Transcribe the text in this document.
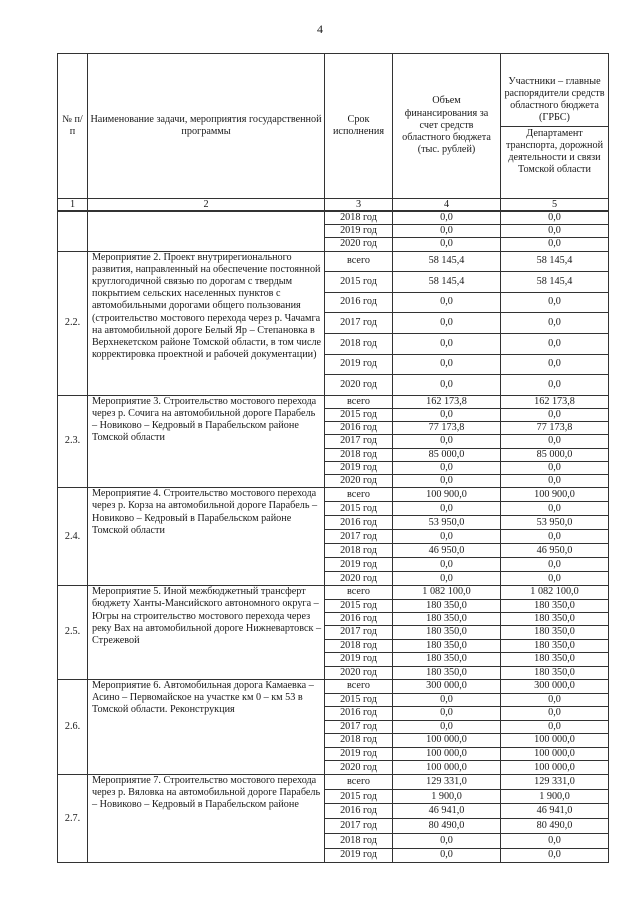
4
№ п/п	Наименование задачи, мероприятия государственной программы	Срок исполнения	Объем финансирования за счет средств областного бюджета (тыс. рублей)	Участники – главные распорядители средств областного бюджета (ГРБС)
Департамент транспорта, дорожной деятельности и связи Томской области

1	2	3	4	5
		2018 год	0,0	0,0
		2019 год	0,0	0,0
		2020 год	0,0	0,0
2.2.	Мероприятие 2. Проект внутрирегионального развития, направленный на обеспечение постоянной круглогодичной связью по дорогам с твердым покрытием сельских населенных пунктов с автомобильными дорогами общего пользования (строительство мостового перехода через р. Чачамга на автомобильной дороге Белый Яр – Степановка в Верхнекетском районе Томской области, в том числе корректировка проектной и рабочей документации)	всего	58 145,4	58 145,4
		2015 год	58 145,4	58 145,4
		2016 год	0,0	0,0
		2017 год	0,0	0,0
		2018 год	0,0	0,0
		2019 год	0,0	0,0
		2020 год	0,0	0,0
2.3.	Мероприятие 3. Строительство мостового перехода через р. Сочига на автомобильной дороге Парабель – Новиково – Кедровый в Парабельском районе Томской области	всего	162 173,8	162 173,8
		2015 год	0,0	0,0
		2016 год	77 173,8	77 173,8
		2017 год	0,0	0,0
		2018 год	85 000,0	85 000,0
		2019 год	0,0	0,0
		2020 год	0,0	0,0
2.4.	Мероприятие 4. Строительство мостового перехода через р. Корза на автомобильной дороге Парабель – Новиково – Кедровый в Парабельском районе Томской области	всего	100 900,0	100 900,0
		2015 год	0,0	0,0
		2016 год	53 950,0	53 950,0
		2017 год	0,0	0,0
		2018 год	46 950,0	46 950,0
		2019 год	0,0	0,0
		2020 год	0,0	0,0
2.5.	Мероприятие 5. Иной межбюджетный трансферт бюджету Ханты-Мансийского автономного округа – Югры на строительство мостового перехода через реку Вах на автомобильной дороге Нижневартовск – Стрежевой	всего	1 082 100,0	1 082 100,0
		2015 год	180 350,0	180 350,0
		2016 год	180 350,0	180 350,0
		2017 год	180 350,0	180 350,0
		2018 год	180 350,0	180 350,0
		2019 год	180 350,0	180 350,0
		2020 год	180 350,0	180 350,0
2.6.	Мероприятие 6. Автомобильная дорога Камаевка – Асино – Первомайское на участке км 0 – км 53 в Томской области. Реконструкция	всего	300 000,0	300 000,0
		2015 год	0,0	0,0
		2016 год	0,0	0,0
		2017 год	0,0	0,0
		2018 год	100 000,0	100 000,0
		2019 год	100 000,0	100 000,0
		2020 год	100 000,0	100 000,0
2.7.	Мероприятие 7. Строительство мостового перехода через р. Вяловка на автомобильной дороге Парабель – Новиково – Кедровый в Парабельском районе	всего	129 331,0	129 331,0
		2015 год	1 900,0	1 900,0
		2016 год	46 941,0	46 941,0
		2017 год	80 490,0	80 490,0
		2018 год	0,0	0,0
		2019 год	0,0	0,0
